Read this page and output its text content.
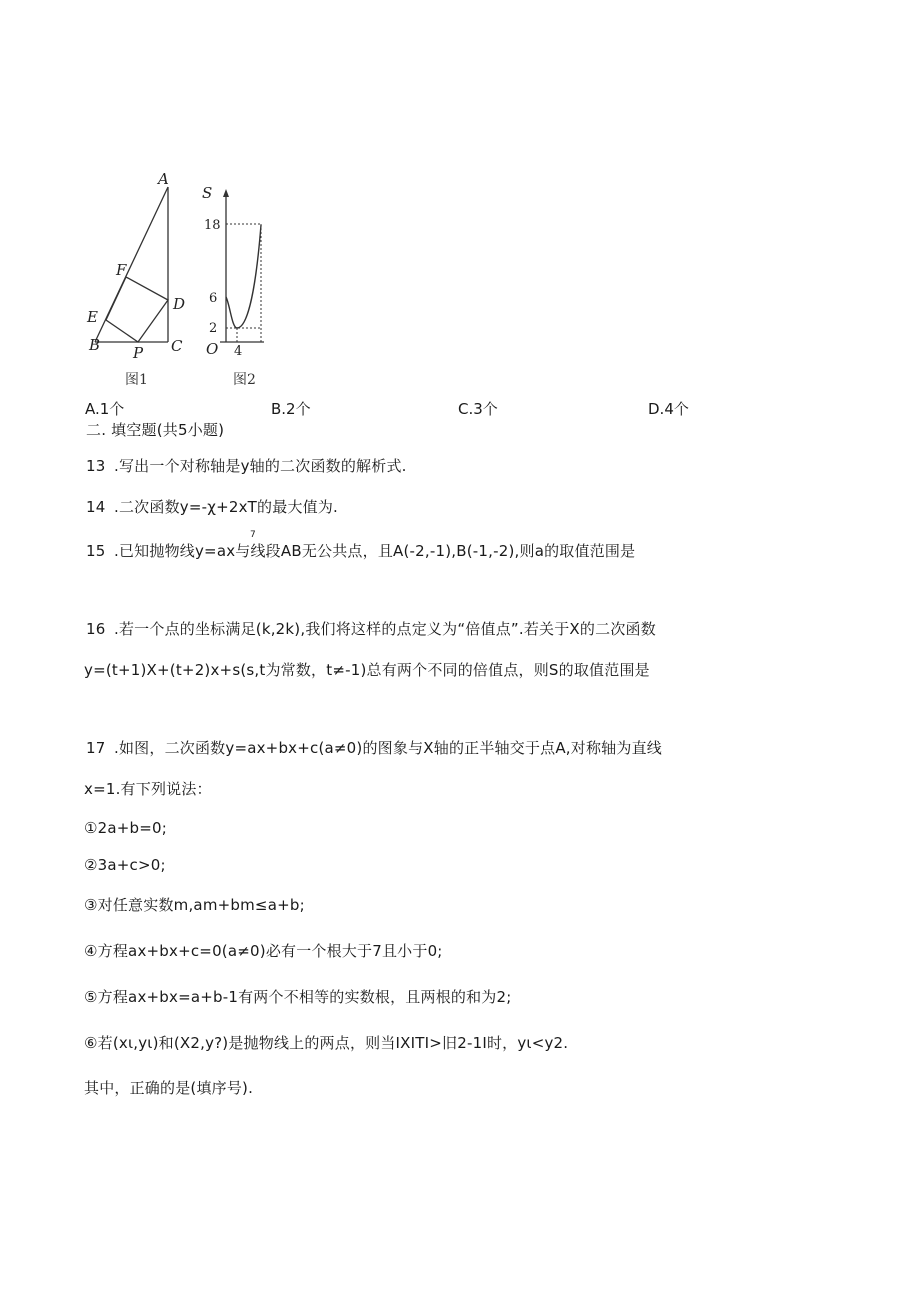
A
F
D
E
B P C
图1
S
18
6
2
O 4
图2
A.1个	B.2个	C.3个	D.4个
二. 填空题(共5小题)
13 .写出一个对称轴是y轴的二次函数的解析式.
14 .二次函数y=-χ+2xT的最大值为.
7
15 .已知抛物线y=ax与线段AB无公共点，且A(-2,-1),B(-1,-2),则a的取值范围是
16 .若一个点的坐标满足(k,2k),我们将这样的点定义为“倍值点”.若关于X的二次函数
y=(t+1)X+(t+2)x+s(s,t为常数，t≠-1)总有两个不同的倍值点，则S的取值范围是
17 .如图，二次函数y=ax+bx+c(a≠0)的图象与X轴的正半轴交于点A,对称轴为直线
x=1.有下列说法：
①2a+b=0;
②3a+c>0;
③对任意实数m,am+bm≤a+b;
④方程ax+bx+c=0(a≠0)必有一个根大于7且小于0;
⑤方程ax+bx=a+b-1有两个不相等的实数根，且两根的和为2;
⑥若(xι,yι)和(X2,y?)是抛物线上的两点，则当IXITI>旧2-1I时，yι<y2.
其中，正确的是(填序号).
